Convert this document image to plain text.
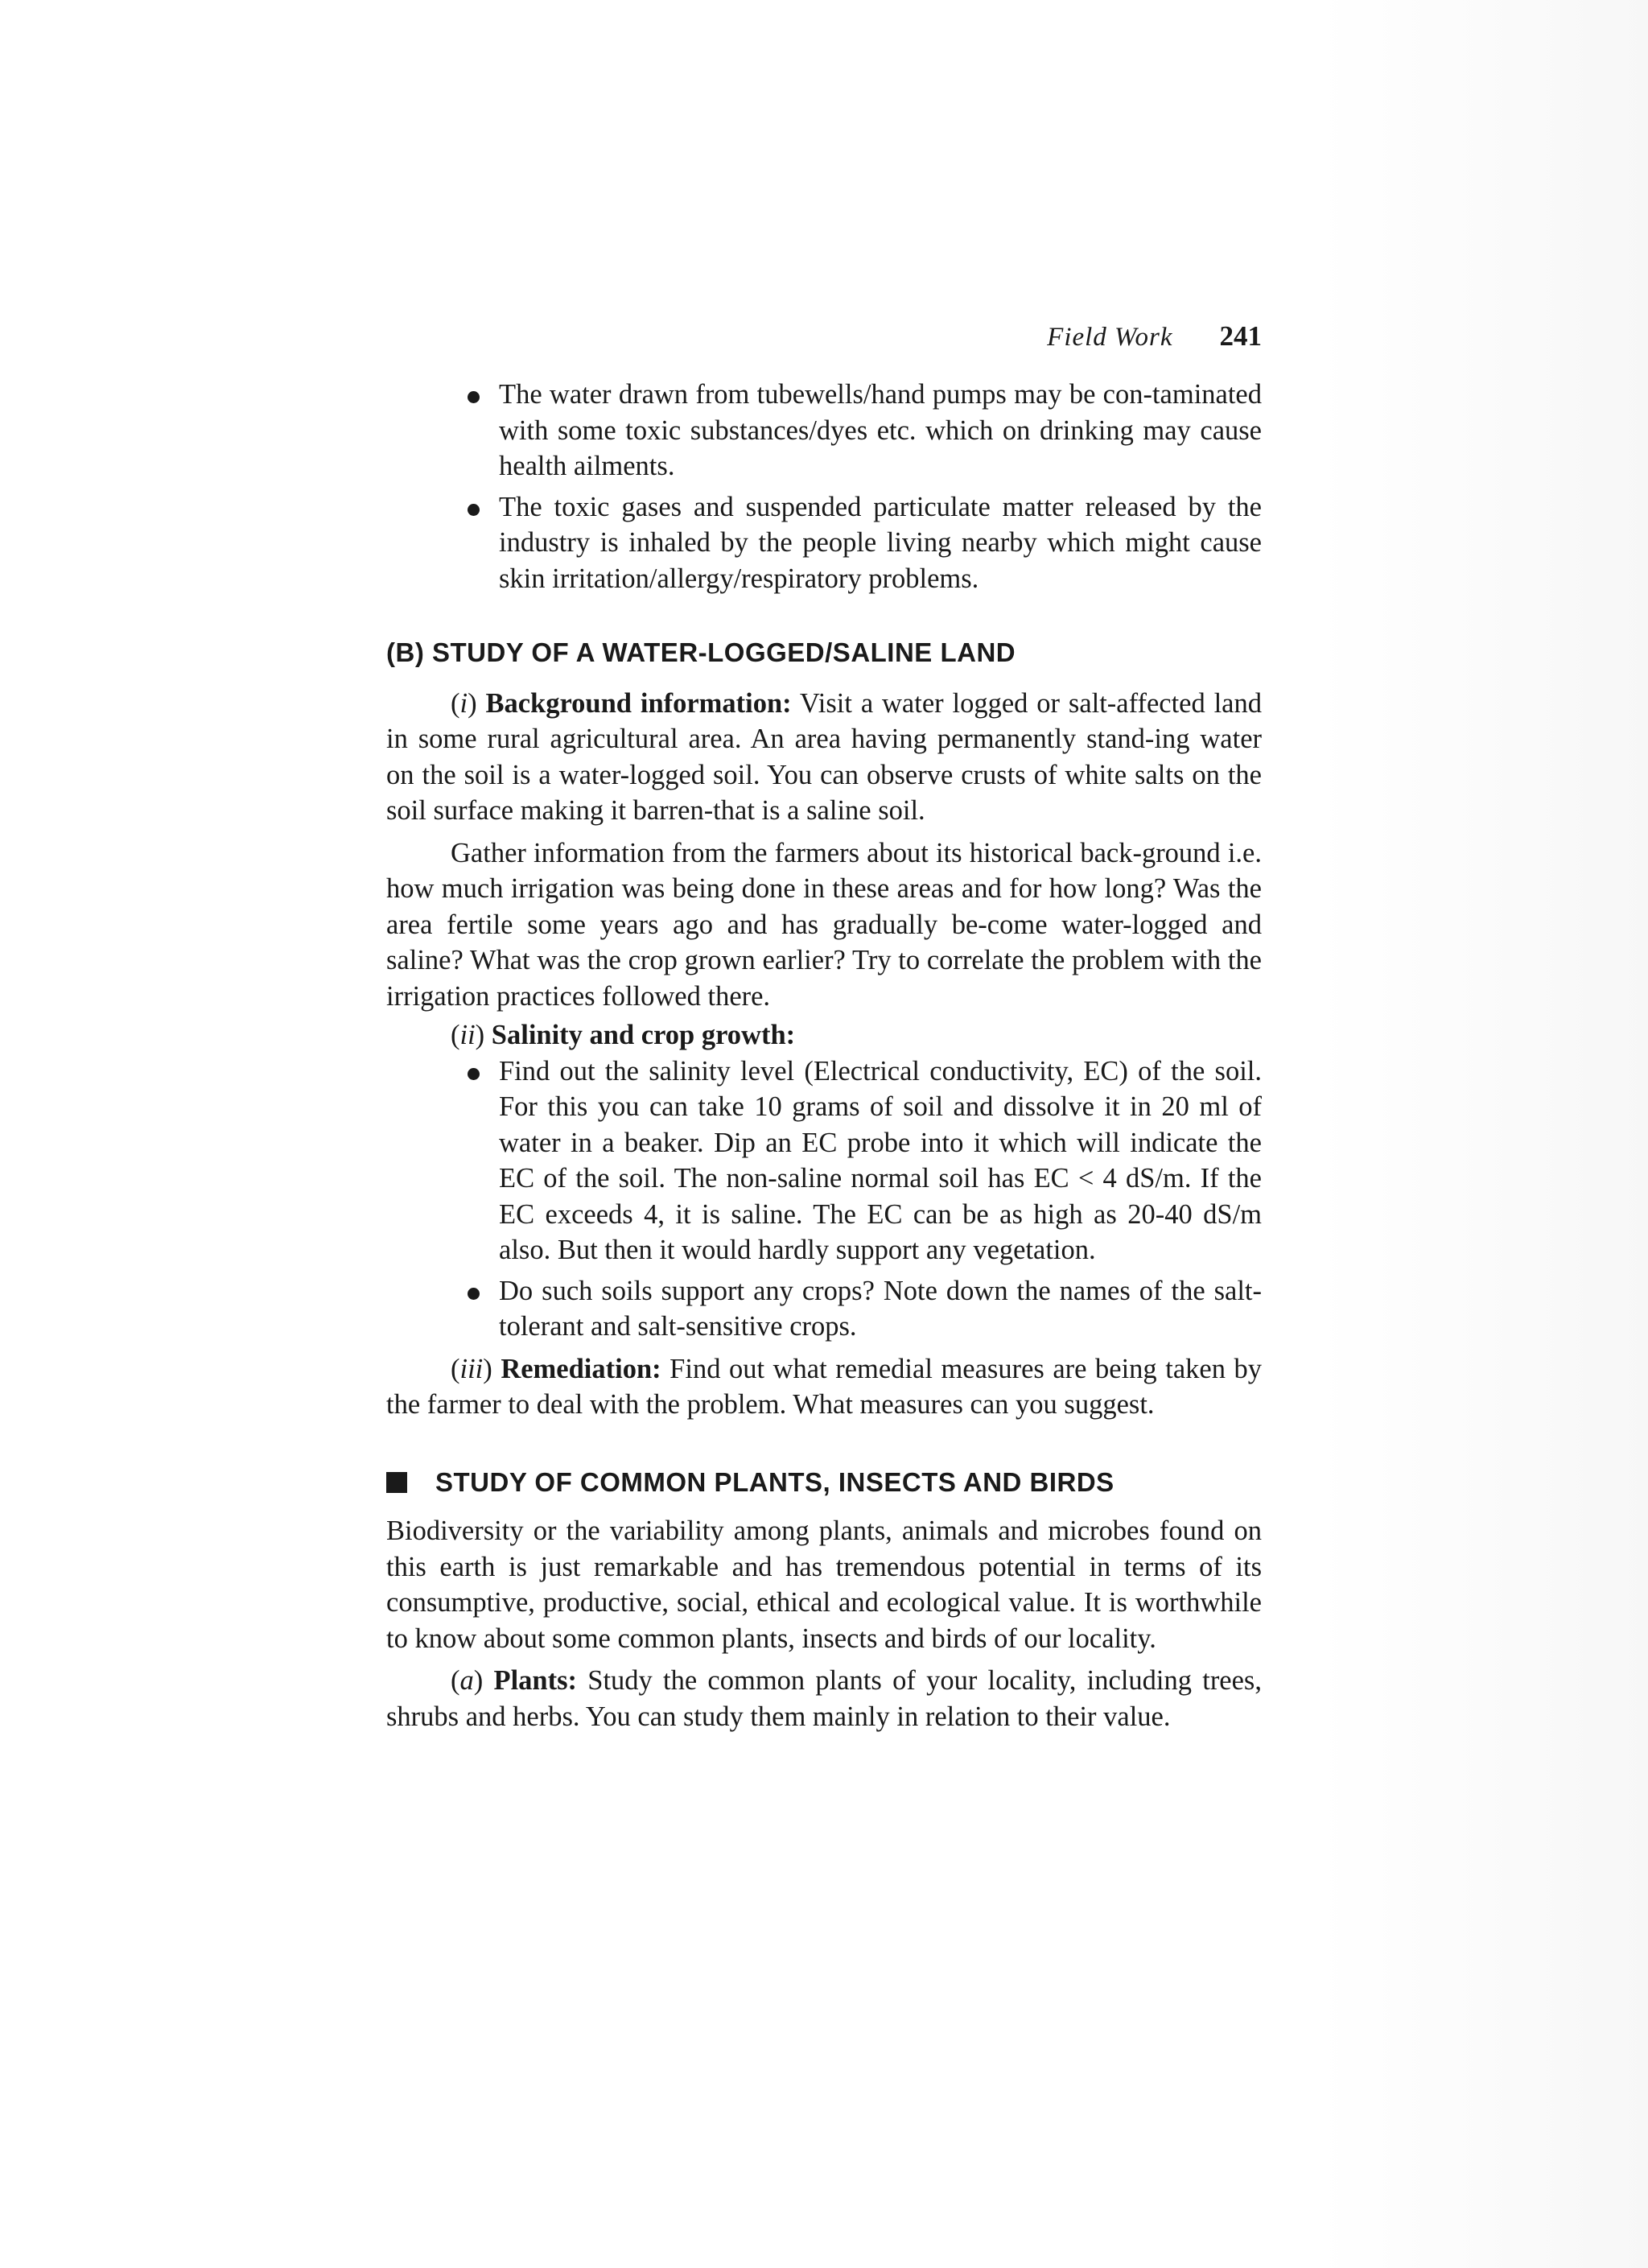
Field Work 241
The water drawn from tubewells/hand pumps may be con-taminated with some toxic substances/dyes etc. which on drinking may cause health ailments.
The toxic gases and suspended particulate matter released by the industry is inhaled by the people living nearby which might cause skin irritation/allergy/respiratory problems.
(B) STUDY OF A WATER-LOGGED/SALINE LAND

(i) Background information: Visit a water logged or salt-affected land in some rural agricultural area. An area having permanently stand-ing water on the soil is a water-logged soil. You can observe crusts of white salts on the soil surface making it barren-that is a saline soil.

Gather information from the farmers about its historical back-ground i.e. how much irrigation was being done in these areas and for how long? Was the area fertile some years ago and has gradually be-come water-logged and saline? What was the crop grown earlier? Try to correlate the problem with the irrigation practices followed there.

(ii) Salinity and crop growth:

Find out the salinity level (Electrical conductivity, EC) of the soil. For this you can take 10 grams of soil and dissolve it in 20 ml of water in a beaker. Dip an EC probe into it which will indicate the EC of the soil. The non-saline normal soil has EC < 4 dS/m. If the EC exceeds 4, it is saline. The EC can be as high as 20-40 dS/m also. But then it would hardly support any vegetation.
Do such soils support any crops? Note down the names of the salt-tolerant and salt-sensitive crops.

(iii) Remediation: Find out what remedial measures are being taken by the farmer to deal with the problem. What measures can you suggest.

STUDY OF COMMON PLANTS, INSECTS AND BIRDS

Biodiversity or the variability among plants, animals and microbes found on this earth is just remarkable and has tremendous potential in terms of its consumptive, productive, social, ethical and ecological value. It is worthwhile to know about some common plants, insects and birds of our locality.

(a) Plants: Study the common plants of your locality, including trees, shrubs and herbs. You can study them mainly in relation to their value.
